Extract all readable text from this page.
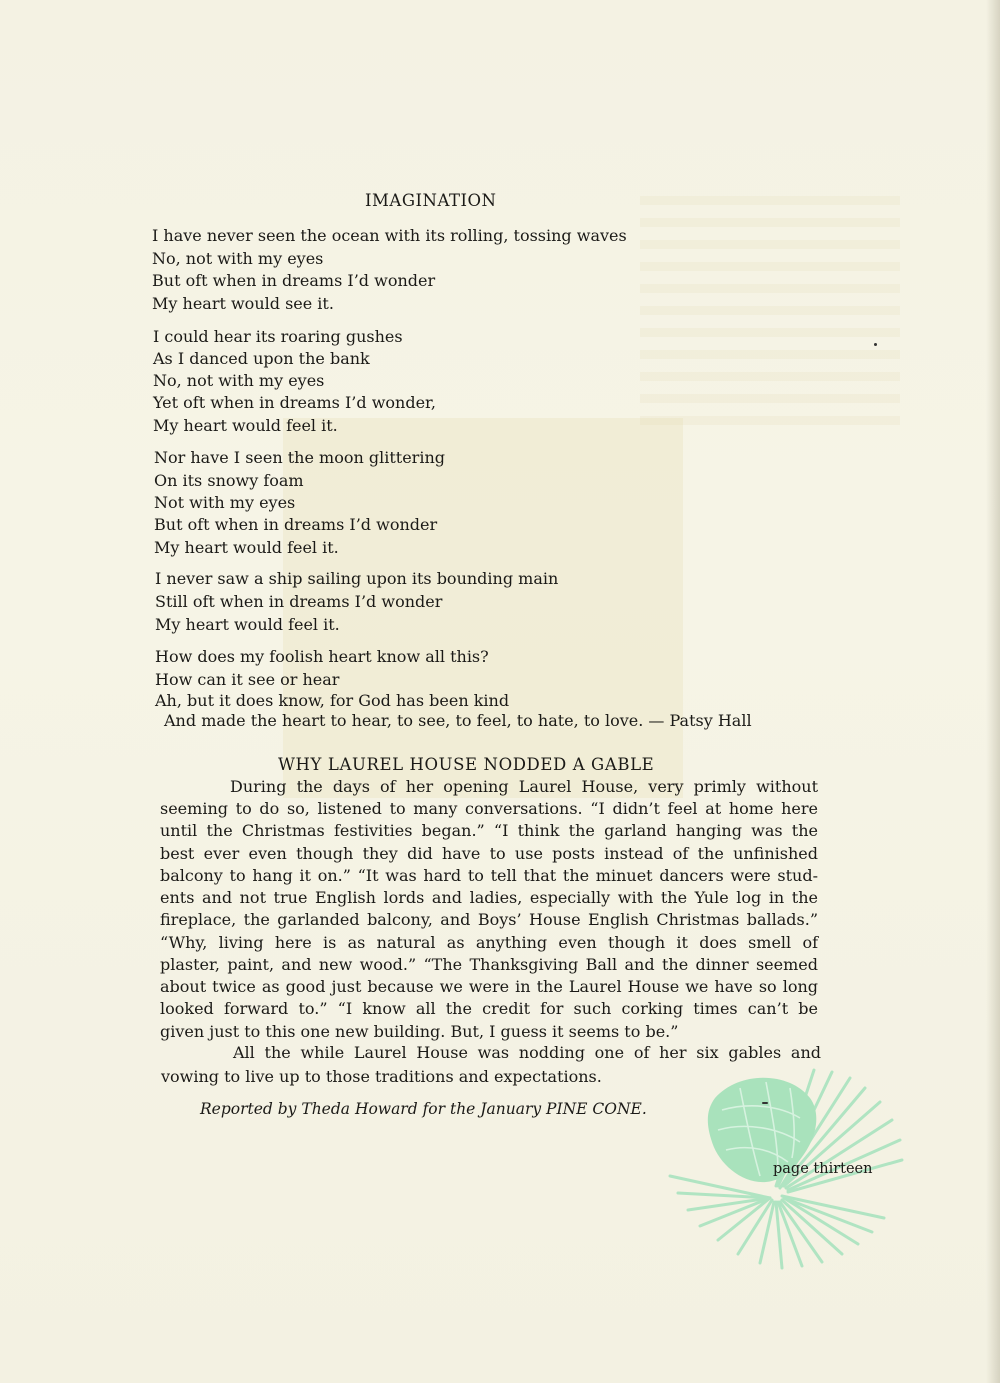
IMAGINATION

I have never seen the ocean with its rolling, tossing waves

No, not with my eyes

But oft when in dreams I’d wonder

My heart would see it.

I could hear its roaring gushes

As I danced upon the bank

No, not with my eyes

Yet oft when in dreams I’d wonder,

My heart would feel it.

Nor have I seen the moon glittering

On its snowy foam

Not with my eyes

But oft when in dreams I’d wonder

My heart would feel it.

I never saw a ship sailing upon its bounding main

Still oft when in dreams I’d wonder

My heart would feel it.

How does my foolish heart know all this?

How can it see or hear

Ah, but it does know, for God has been kind

And made the heart to hear, to see, to feel, to hate, to love. — Patsy Hall

WHY LAUREL HOUSE NODDED A GABLE

During the days of her opening Laurel House, very primly without

seeming to do so, listened to many conversations. “I didn’t feel at home here

until the Christmas festivities began.” “I think the garland hanging was the

best ever even though they did have to use posts instead of the unfinished

balcony to hang it on.” “It was hard to tell that the minuet dancers were stud-

ents and not true English lords and ladies, especially with the Yule log in the

fireplace, the garlanded balcony, and Boys’ House English Christmas ballads.”

“Why, living here is as natural as anything even though it does smell of

plaster, paint, and new wood.” “The Thanksgiving Ball and the dinner seemed

about twice as good just because we were in the Laurel House we have so long

looked forward to.” “I know all the credit for such corking times can’t be

given just to this one new building. But, I guess it seems to be.”

All the while Laurel House was nodding one of her six gables and

vowing to live up to those traditions and expectations.

Reported by Theda Howard for the January PINE CONE.

page thirteen
